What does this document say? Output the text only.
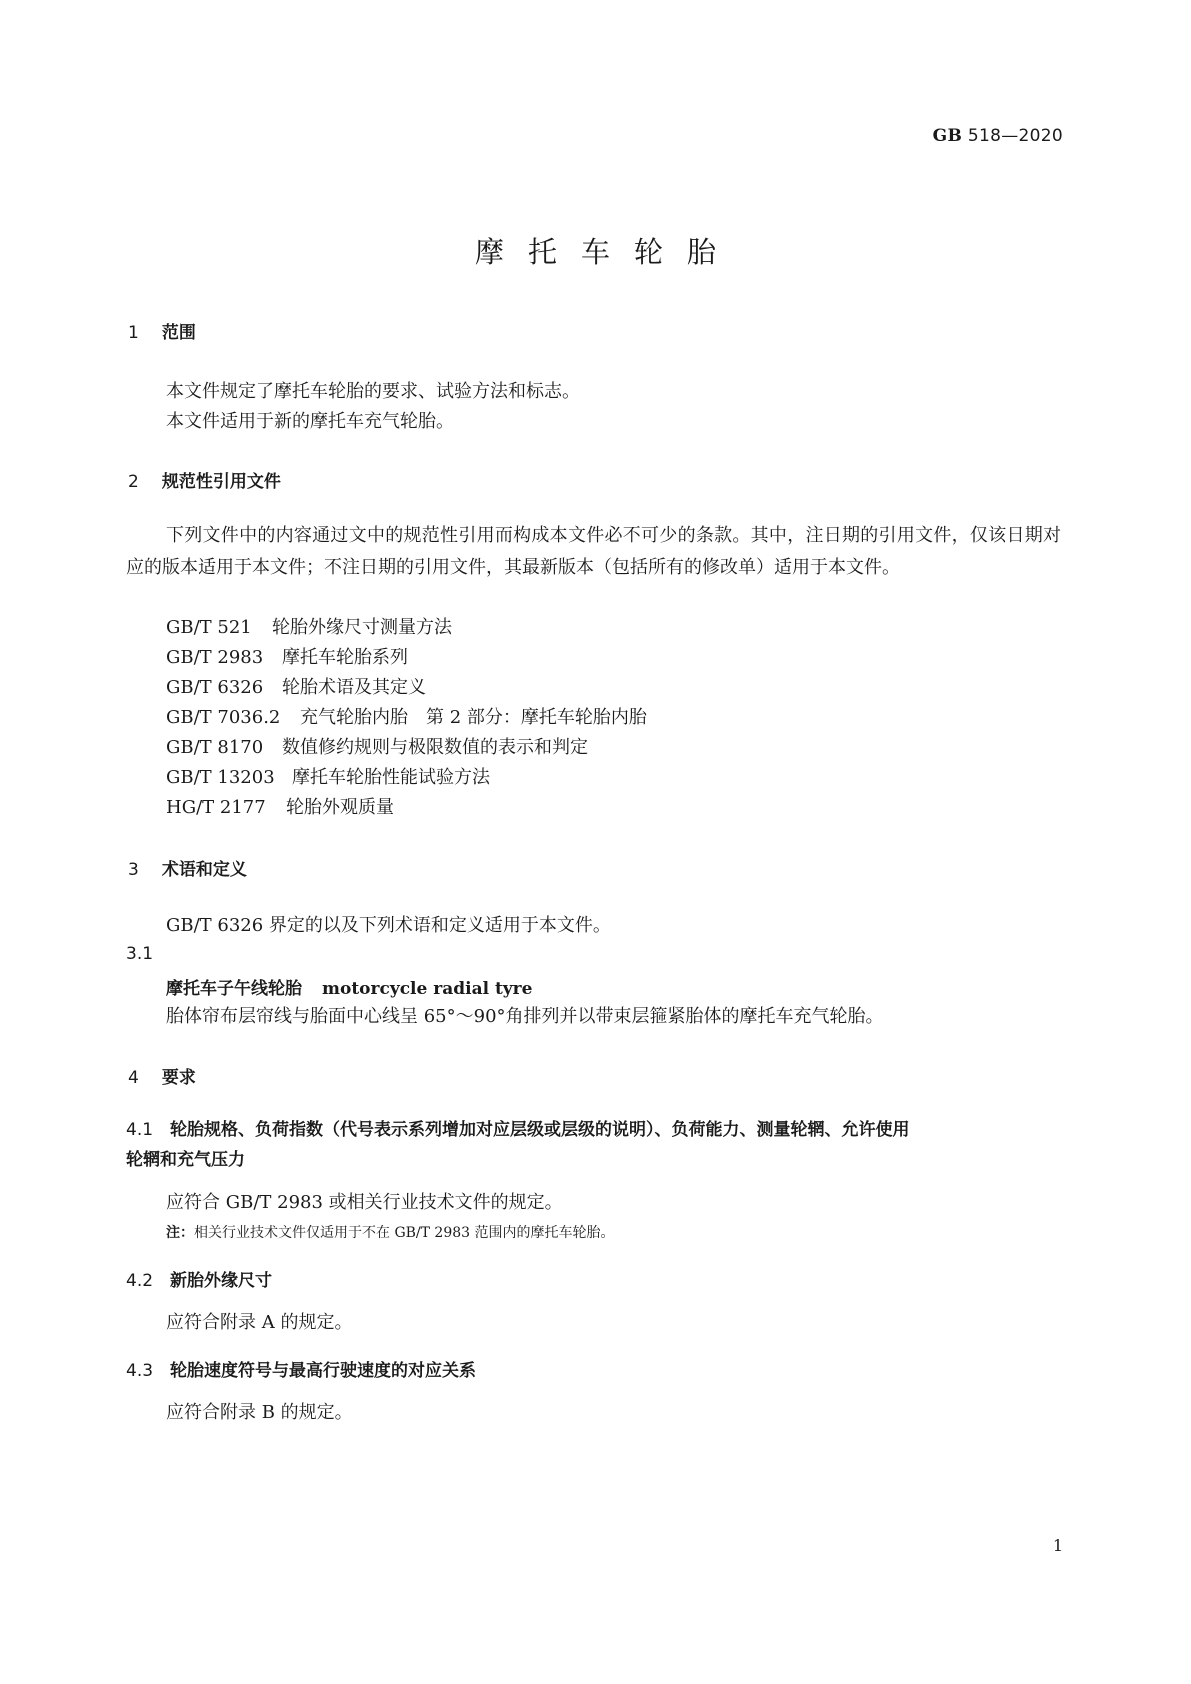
GB 518—2020
摩托车轮胎
1 范围
本文件规定了摩托车轮胎的要求、试验方法和标志。
本文件适用于新的摩托车充气轮胎。
2 规范性引用文件
下列文件中的内容通过文中的规范性引用而构成本文件必不可少的条款。其中，注日期的引用文件，仅该日期对应的版本适用于本文件；不注日期的引用文件，其最新版本（包括所有的修改单）适用于本文件。
GB/T 521 轮胎外缘尺寸测量方法
GB/T 2983 摩托车轮胎系列
GB/T 6326 轮胎术语及其定义
GB/T 7036.2 充气轮胎内胎　第 2 部分：摩托车轮胎内胎
GB/T 8170 数值修约规则与极限数值的表示和判定
GB/T 13203 摩托车轮胎性能试验方法
HG/T 2177 轮胎外观质量
3 术语和定义
GB/T 6326 界定的以及下列术语和定义适用于本文件。
3.1
摩托车子午线轮胎 motorcycle radial tyre
胎体帘布层帘线与胎面中心线呈 65°～90°角排列并以带束层箍紧胎体的摩托车充气轮胎。
4 要求
4.1 轮胎规格、负荷指数（代号表示系列增加对应层级或层级的说明）、负荷能力、测量轮辋、允许使用
轮辋和充气压力
应符合 GB/T 2983 或相关行业技术文件的规定。
注：相关行业技术文件仅适用于不在 GB/T 2983 范围内的摩托车轮胎。
4.2 新胎外缘尺寸
应符合附录 A 的规定。
4.3 轮胎速度符号与最高行驶速度的对应关系
应符合附录 B 的规定。
1
